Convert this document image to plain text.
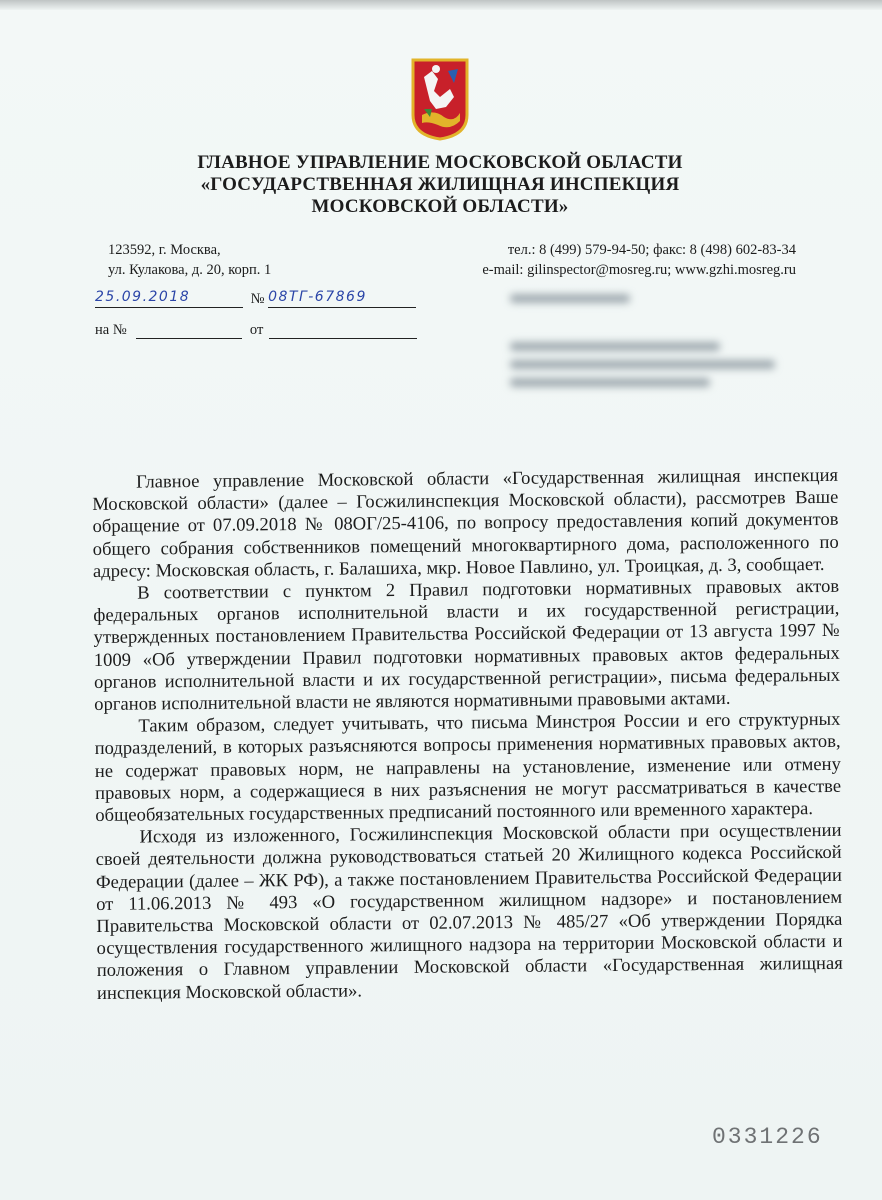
ГЛАВНОЕ УПРАВЛЕНИЕ МОСКОВСКОЙ ОБЛАСТИ
«ГОСУДАРСТВЕННАЯ ЖИЛИЩНАЯ ИНСПЕКЦИЯ
МОСКОВСКОЙ ОБЛАСТИ»
123592, г. Москва,
ул. Кулакова, д. 20, корп. 1
тел.: 8 (499) 579-94-50; факс: 8 (498) 602-83-34
e-mail: gilinspector@mosreg.ru; www.gzhi.mosreg.ru
25.09.2018	№ 08ТГ-67869
на №	от

Главное управление Московской области «Государственная жилищная инспекция Московской области» (далее – Госжилинспекция Московской области), рассмотрев Ваше обращение от 07.09.2018 № 08ОГ/25-4106, по вопросу предоставления копий документов общего собрания собственников помещений многоквартирного дома, расположенного по адресу: Московская область, г. Балашиха, мкр. Новое Павлино, ул. Троицкая, д. 3, сообщает.

В соответствии с пунктом 2 Правил подготовки нормативных правовых актов федеральных органов исполнительной власти и их государственной регистрации, утвержденных постановлением Правительства Российской Федерации от 13 августа 1997 № 1009 «Об утверждении Правил подготовки нормативных правовых актов федеральных органов исполнительной власти и их государственной регистрации», письма федеральных органов исполнительной власти не являются нормативными правовыми актами.

Таким образом, следует учитывать, что письма Минстроя России и его структурных подразделений, в которых разъясняются вопросы применения нормативных правовых актов, не содержат правовых норм, не направлены на установление, изменение или отмену правовых норм, а содержащиеся в них разъяснения не могут рассматриваться в качестве общеобязательных государственных предписаний постоянного или временного характера.

Исходя из изложенного, Госжилинспекция Московской области при осуществлении своей деятельности должна руководствоваться статьей 20 Жилищного кодекса Российской Федерации (далее – ЖК РФ), а также постановлением Правительства Российской Федерации от 11.06.2013 № 493 «О государственном жилищном надзоре» и постановлением Правительства Московской области от 02.07.2013 № 485/27 «Об утверждении Порядка осуществления государственного жилищного надзора на территории Московской области и положения о Главном управлении Московской области «Государственная жилищная инспекция Московской области».

0331226
